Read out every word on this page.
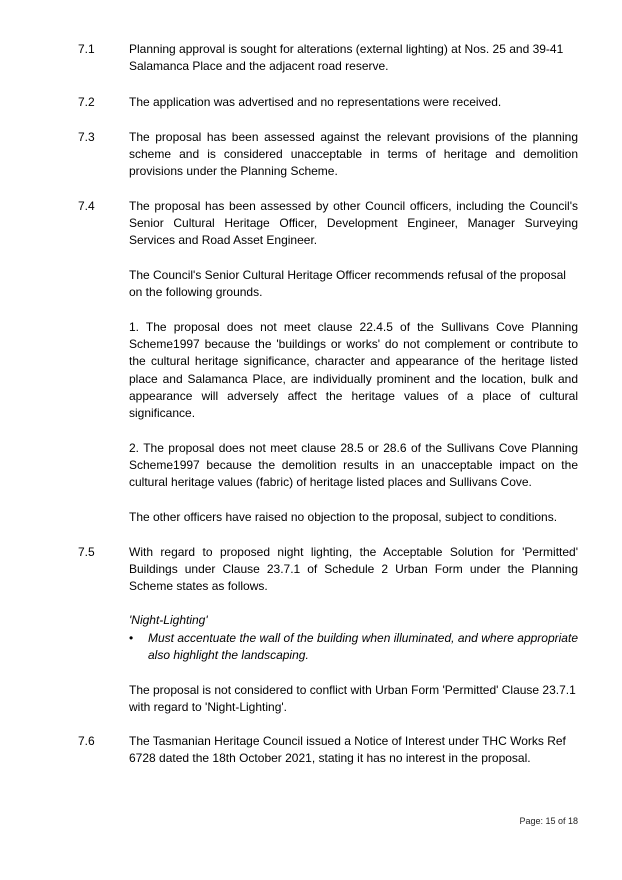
7.1	Planning approval is sought for alterations (external lighting) at Nos. 25 and 39-41 Salamanca Place and the adjacent road reserve.
7.2	The application was advertised and no representations were received.
7.3	The proposal has been assessed against the relevant provisions of the planning scheme and is considered unacceptable in terms of heritage and demolition provisions under the Planning Scheme.
7.4	The proposal has been assessed by other Council officers, including the Council's Senior Cultural Heritage Officer, Development Engineer, Manager Surveying Services and Road Asset Engineer.
The Council's Senior Cultural Heritage Officer recommends refusal of the proposal on the following grounds.
1. The proposal does not meet clause 22.4.5 of the Sullivans Cove Planning Scheme1997 because the 'buildings or works' do not complement or contribute to the cultural heritage significance, character and appearance of the heritage listed place and Salamanca Place, are individually prominent and the location, bulk and appearance will adversely affect the heritage values of a place of cultural significance.
2. The proposal does not meet clause 28.5 or 28.6 of the Sullivans Cove Planning Scheme1997 because the demolition results in an unacceptable impact on the cultural heritage values (fabric) of heritage listed places and Sullivans Cove.
The other officers have raised no objection to the proposal, subject to conditions.
7.5	With regard to proposed night lighting, the Acceptable Solution for 'Permitted' Buildings under Clause 23.7.1 of Schedule 2 Urban Form under the Planning Scheme states as follows.
'Night-Lighting'
•	Must accentuate the wall of the building when illuminated, and where appropriate also highlight the landscaping.
The proposal is not considered to conflict with Urban Form 'Permitted' Clause 23.7.1 with regard to 'Night-Lighting'.
7.6	The Tasmanian Heritage Council issued a Notice of Interest under THC Works Ref 6728 dated the 18th October 2021, stating it has no interest in the proposal.
Page: 15 of 18
